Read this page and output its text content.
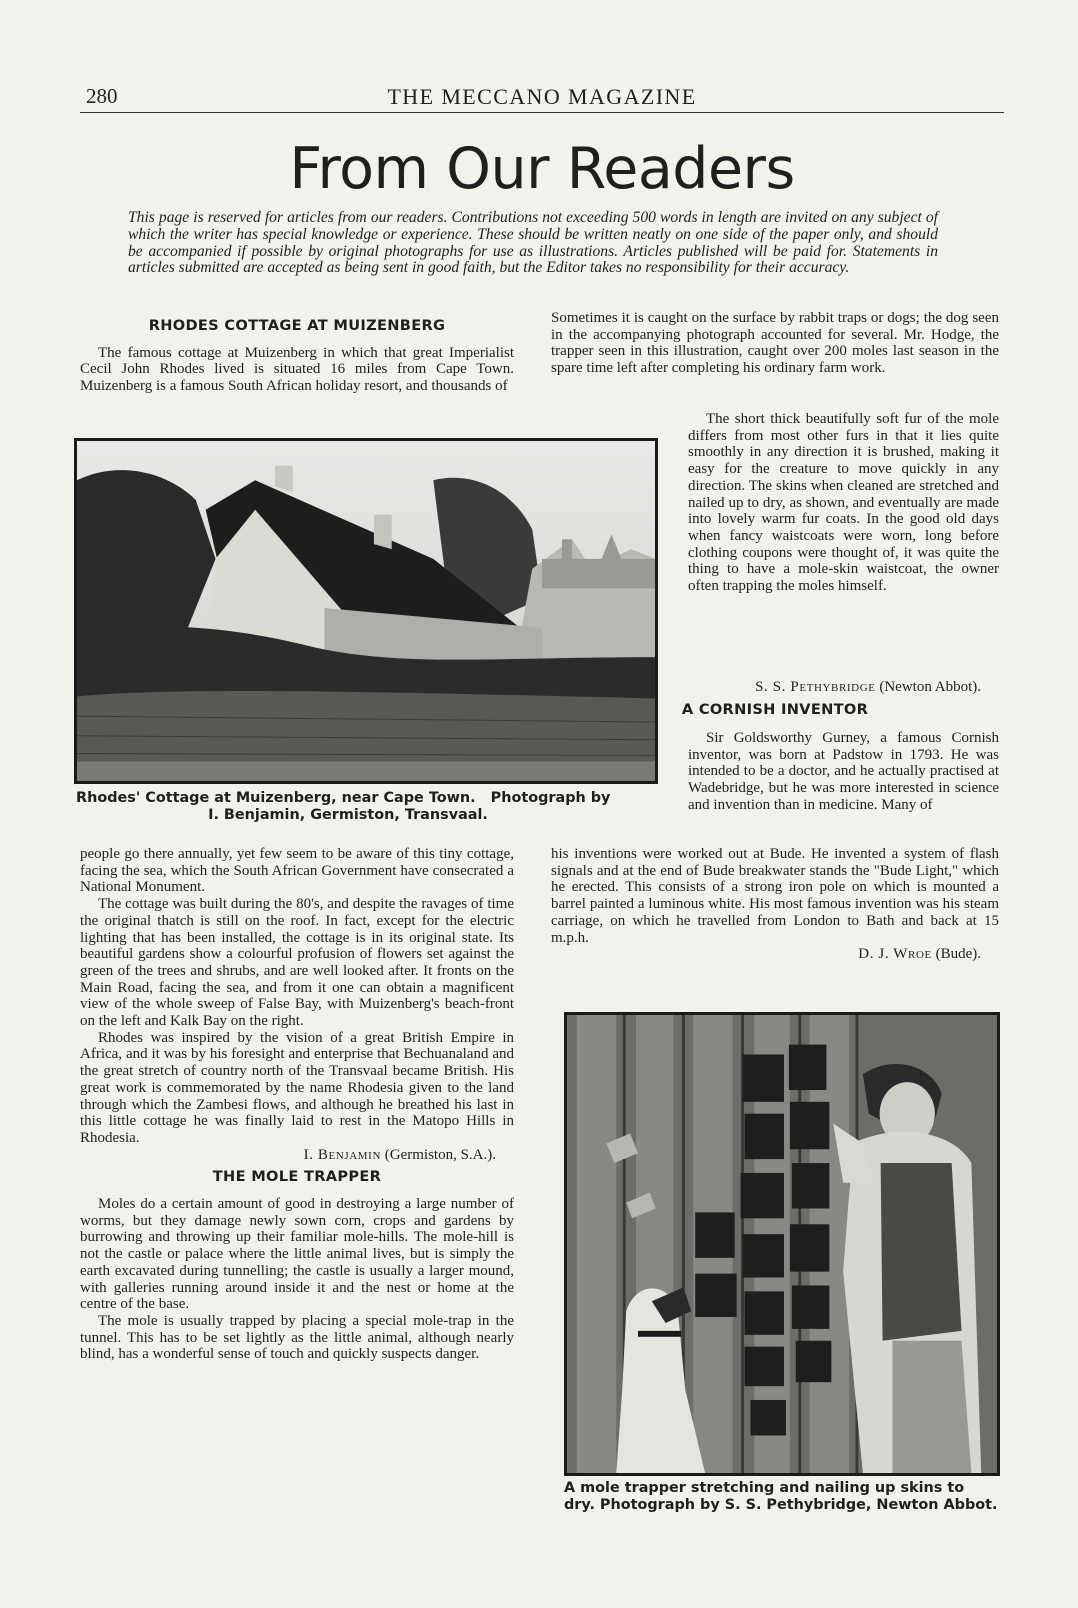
280	THE MECCANO MAGAZINE
From Our Readers
This page is reserved for articles from our readers. Contributions not exceeding 500 words in length are invited on any subject of which the writer has special knowledge or experience. These should be written neatly on one side of the paper only, and should be accompanied if possible by original photographs for use as illustrations. Articles published will be paid for. Statements in articles submitted are accepted as being sent in good faith, but the Editor takes no responsibility for their accuracy.
RHODES COTTAGE AT MUIZENBERG

The famous cottage at Muizenberg in which that great Imperialist Cecil John Rhodes lived is situated 16 miles from Cape Town. Muizenberg is a famous South African holiday resort, and thousands of

Sometimes it is caught on the surface by rabbit traps or dogs; the dog seen in the accompanying photograph accounted for several. Mr. Hodge, the trapper seen in this illustration, caught over 200 moles last season in the spare time left after completing his ordinary farm work.

Rhodes' Cottage at Muizenberg, near Cape Town.   Photograph by
I. Benjamin, Germiston, Transvaal.

The short thick beautifully soft fur of the mole differs from most other furs in that it lies quite smoothly in any direction it is brushed, making it easy for the creature to move quickly in any direction. The skins when cleaned are stretched and nailed up to dry, as shown, and eventually are made into lovely warm fur coats. In the good old days when fancy waistcoats were worn, long before clothing coupons were thought of, it was quite the thing to have a mole-skin waistcoat, the owner often trapping the moles himself.

S. S. Pethybridge (Newton Abbot).
A CORNISH INVENTOR

Sir Goldsworthy Gurney, a famous Cornish inventor, was born at Padstow in 1793. He was intended to be a doctor, and he actually practised at Wadebridge, but he was more interested in science and invention than in medicine. Many of

people go there annually, yet few seem to be aware of this tiny cottage, facing the sea, which the South African Government have consecrated a National Monument.

The cottage was built during the 80's, and despite the ravages of time the original thatch is still on the roof. In fact, except for the electric lighting that has been installed, the cottage is in its original state. Its beautiful gardens show a colourful profusion of flowers set against the green of the trees and shrubs, and are well looked after. It fronts on the Main Road, facing the sea, and from it one can obtain a magnificent view of the whole sweep of False Bay, with Muizenberg's beach-front on the left and Kalk Bay on the right.

Rhodes was inspired by the vision of a great British Empire in Africa, and it was by his foresight and enterprise that Bechuanaland and the great stretch of country north of the Transvaal became British. His great work is commemorated by the name Rhodesia given to the land through which the Zambesi flows, and although he breathed his last in this little cottage he was finally laid to rest in the Matopo Hills in Rhodesia.

I. Benjamin (Germiston, S.A.).
THE MOLE TRAPPER

Moles do a certain amount of good in destroying a large number of worms, but they damage newly sown corn, crops and gardens by burrowing and throwing up their familiar mole-hills. The mole-hill is not the castle or palace where the little animal lives, but is simply the earth excavated during tunnelling; the castle is usually a larger mound, with galleries running around inside it and the nest or home at the centre of the base.

The mole is usually trapped by placing a special mole-trap in the tunnel. This has to be set lightly as the little animal, although nearly blind, has a wonderful sense of touch and quickly suspects danger.

his inventions were worked out at Bude. He invented a system of flash signals and at the end of Bude breakwater stands the "Bude Light," which he erected. This consists of a strong iron pole on which is mounted a barrel painted a luminous white. His most famous invention was his steam carriage, on which he travelled from London to Bath and back at 15 m.p.h.

D. J. Wroe (Bude).
A mole trapper stretching and nailing up skins to dry. Photograph by S. S. Pethybridge, Newton Abbot.
